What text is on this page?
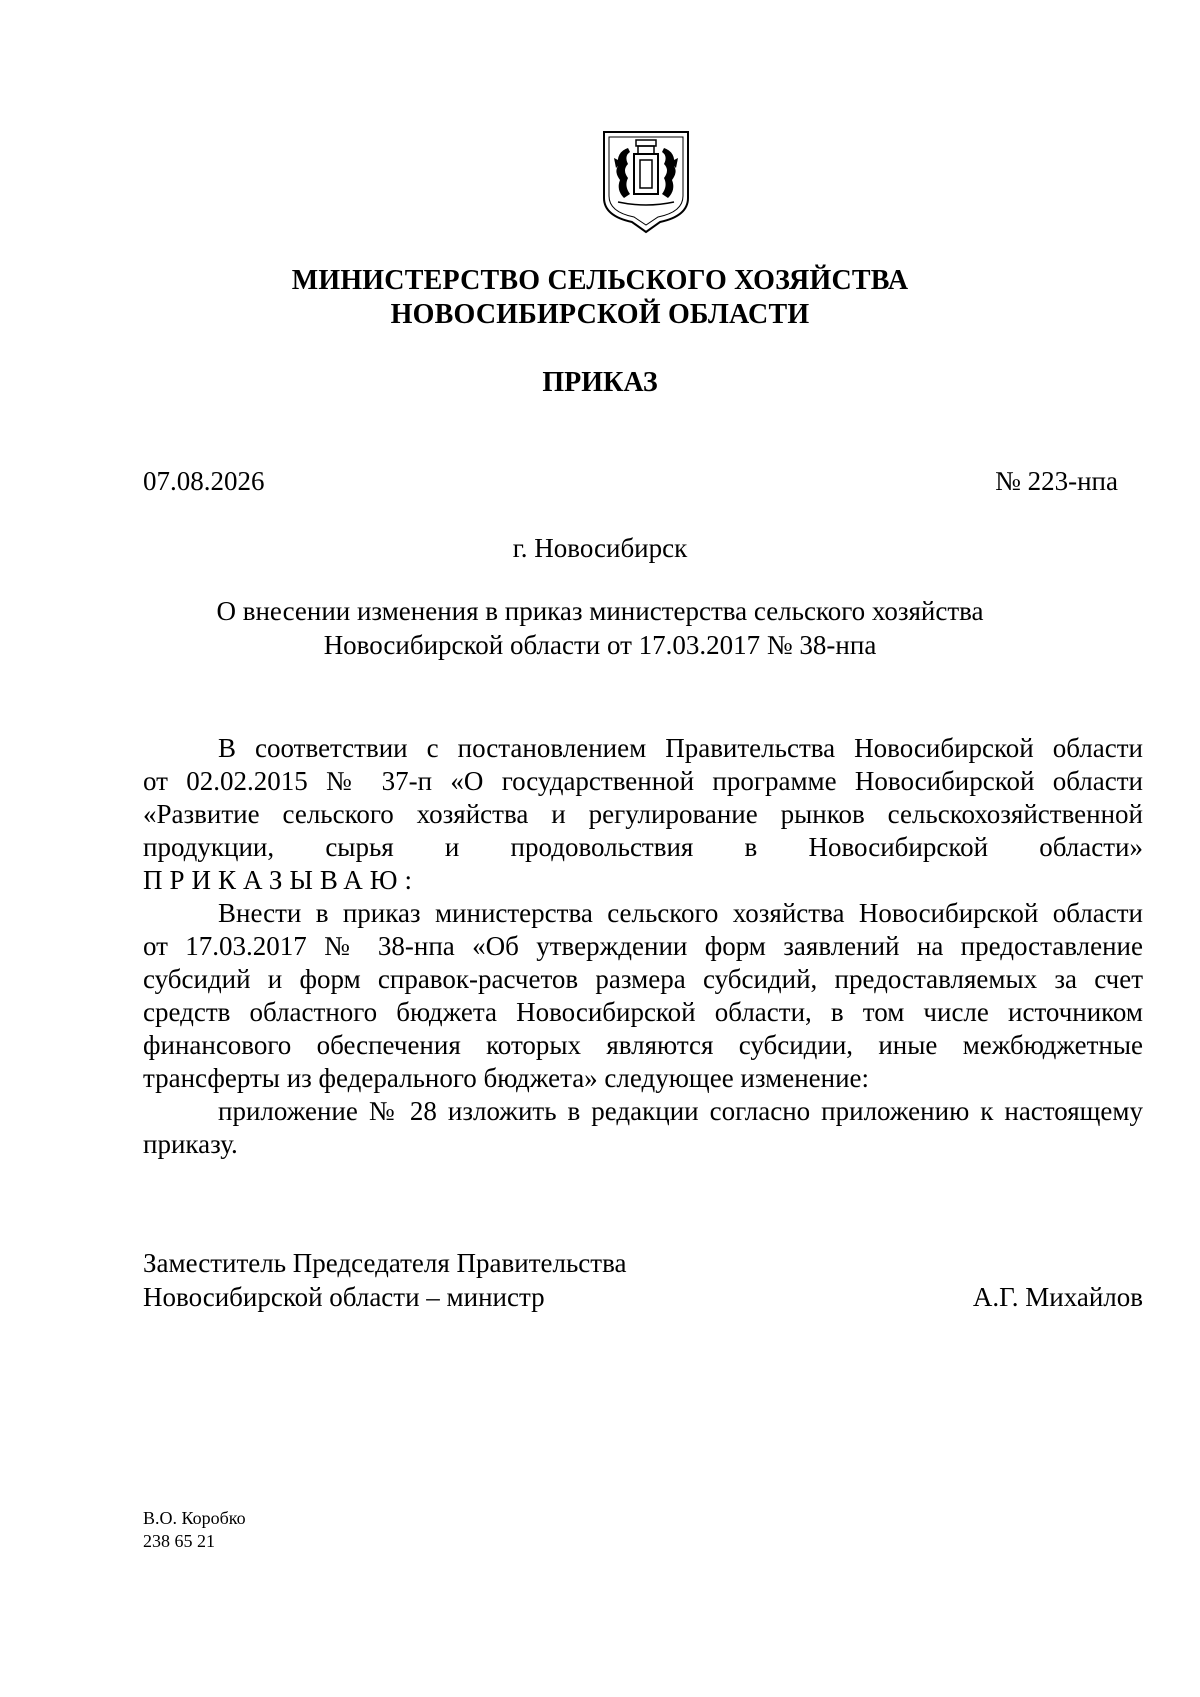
МИНИСТЕРСТВО СЕЛЬСКОГО ХОЗЯЙСТВА
НОВОСИБИРСКОЙ ОБЛАСТИ
ПРИКАЗ
07.08.2026	№ 223-нпа
г. Новосибирск
О внесении изменения в приказ министерства сельского хозяйства
Новосибирской области от 17.03.2017 № 38-нпа
В соответствии с постановлением Правительства Новосибирской области
от 02.02.2015 № 37-п «О государственной программе Новосибирской области
«Развитие сельского хозяйства и регулирование рынков сельскохозяйственной
продукции, сырья и продовольствия в Новосибирской области»
ПРИКАЗЫВАЮ:
Внести в приказ министерства сельского хозяйства Новосибирской области
от 17.03.2017 № 38-нпа «Об утверждении форм заявлений на предоставление
субсидий и форм справок-расчетов размера субсидий, предоставляемых за счет
средств областного бюджета Новосибирской области, в том числе источником
финансового обеспечения которых являются субсидии, иные межбюджетные
трансферты из федерального бюджета» следующее изменение:
приложение № 28 изложить в редакции согласно приложению к настоящему
приказу.
Заместитель Председателя Правительства
Новосибирской области – министр	А.Г. Михайлов
В.О. Коробко
238 65 21
